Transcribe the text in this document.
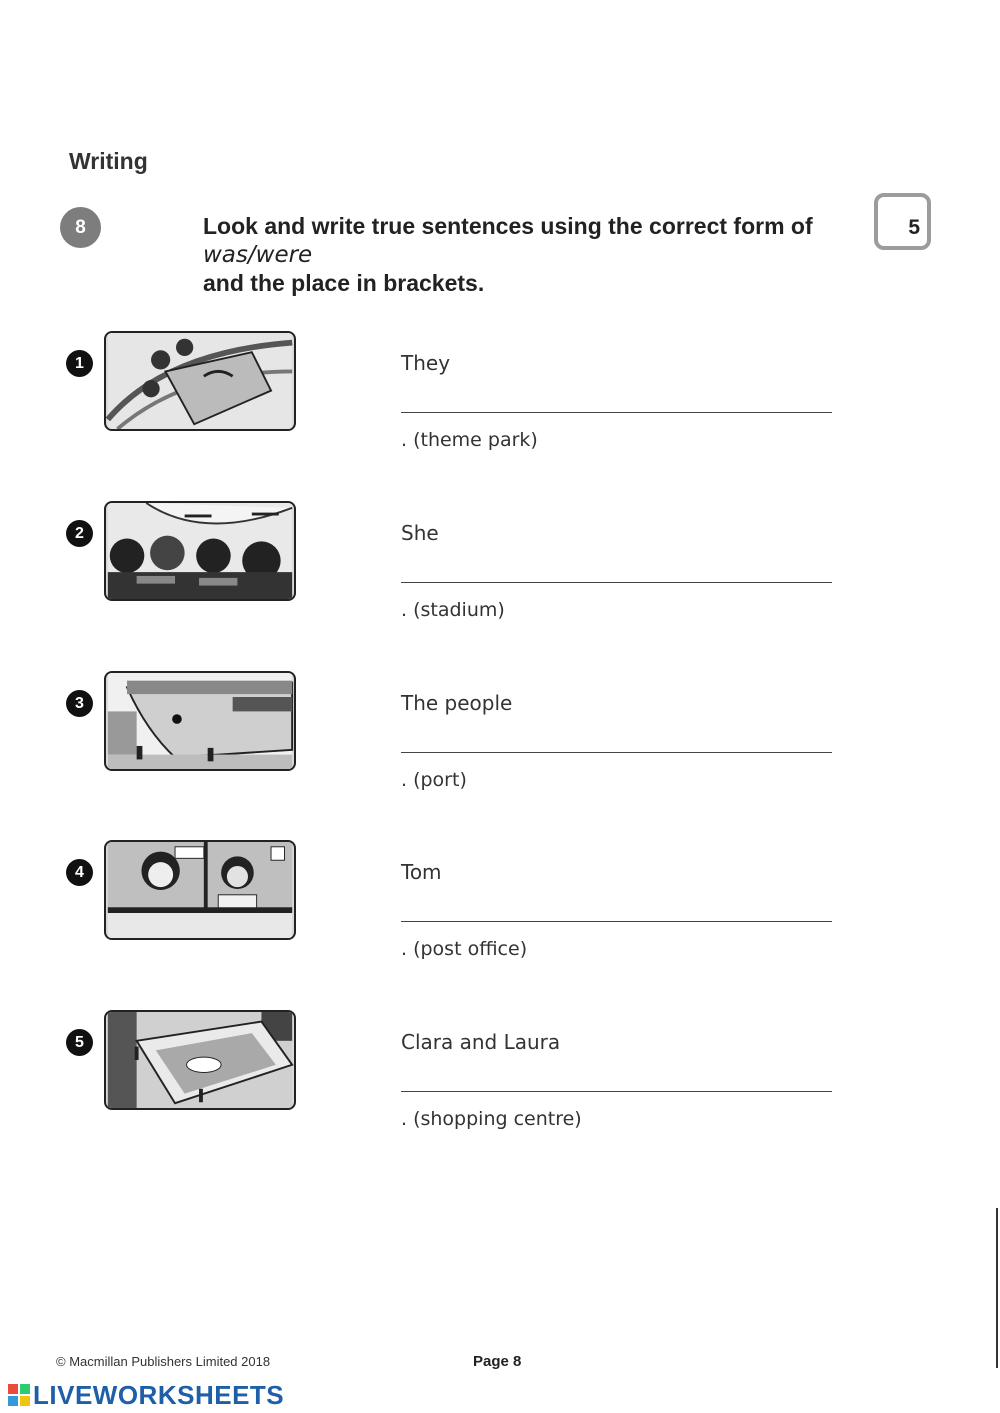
Writing
8	Look and write true sentences using the correct form of was/were
and the place in brackets.
5
1	They
. (theme park)
2	She
. (stadium)
3	The people
. (port)
4	Tom
. (post office)
5	Clara and Laura
. (shopping centre)
© Macmillan Publishers Limited 2018	Page 8
LIVEWORKSHEETS
